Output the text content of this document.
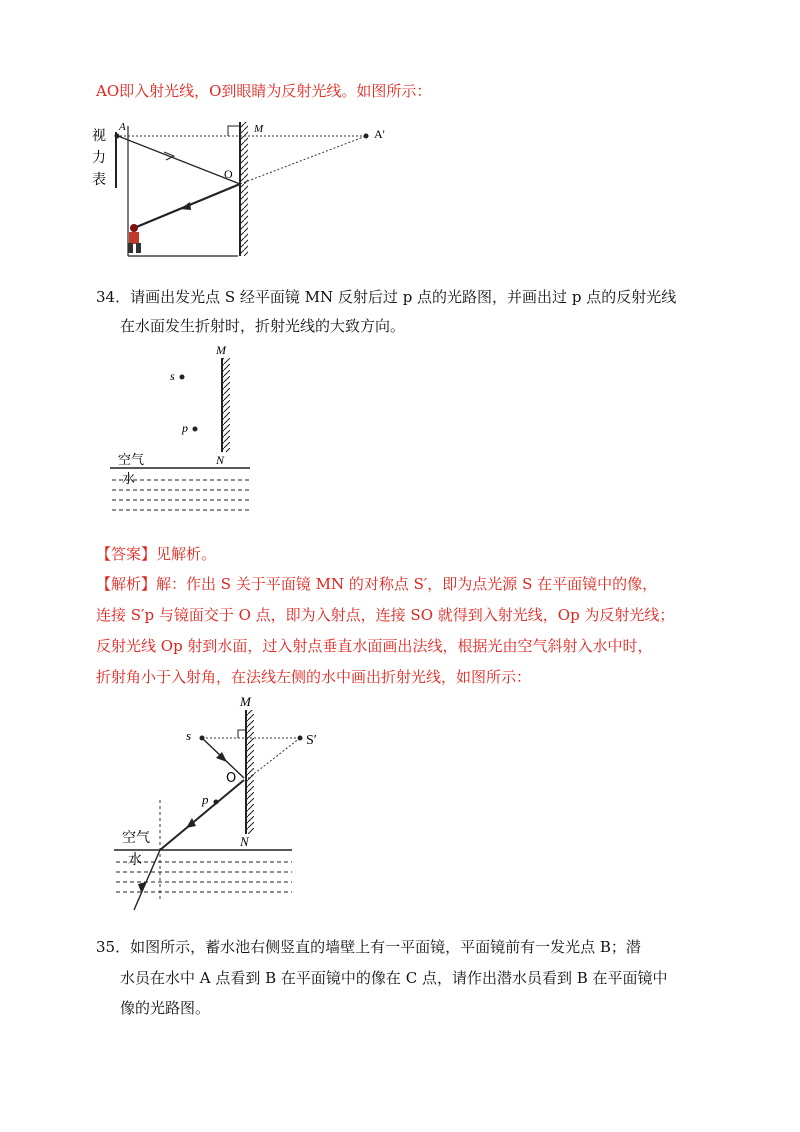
AO即入射光线，O到眼睛为反射光线。如图所示：
A	M	A'
O
视
力
表
34．请画出发光点 S 经平面镜 MN 反射后过 p 点的光路图，并画出过 p 点的反射光线
在水面发生折射时，折射光线的大致方向。
M
s
p
N
空气
水
【答案】见解析。
【解析】解：作出 S 关于平面镜 MN 的对称点 S′，即为点光源 S 在平面镜中的像，
连接 S′p 与镜面交于 O 点，即为入射点，连接 SO 就得到入射光线，Op 为反射光线；
反射光线 Op 射到水面，过入射点垂直水面画出法线，根据光由空气斜射入水中时，
折射角小于入射角，在法线左侧的水中画出折射光线，如图所示：
M
s	S′
O
p
N
空气
水
35．如图所示，蓄水池右侧竖直的墙壁上有一平面镜，平面镜前有一发光点 B；潜
水员在水中 A 点看到 B 在平面镜中的像在 C 点，请作出潜水员看到 B 在平面镜中
像的光路图。
